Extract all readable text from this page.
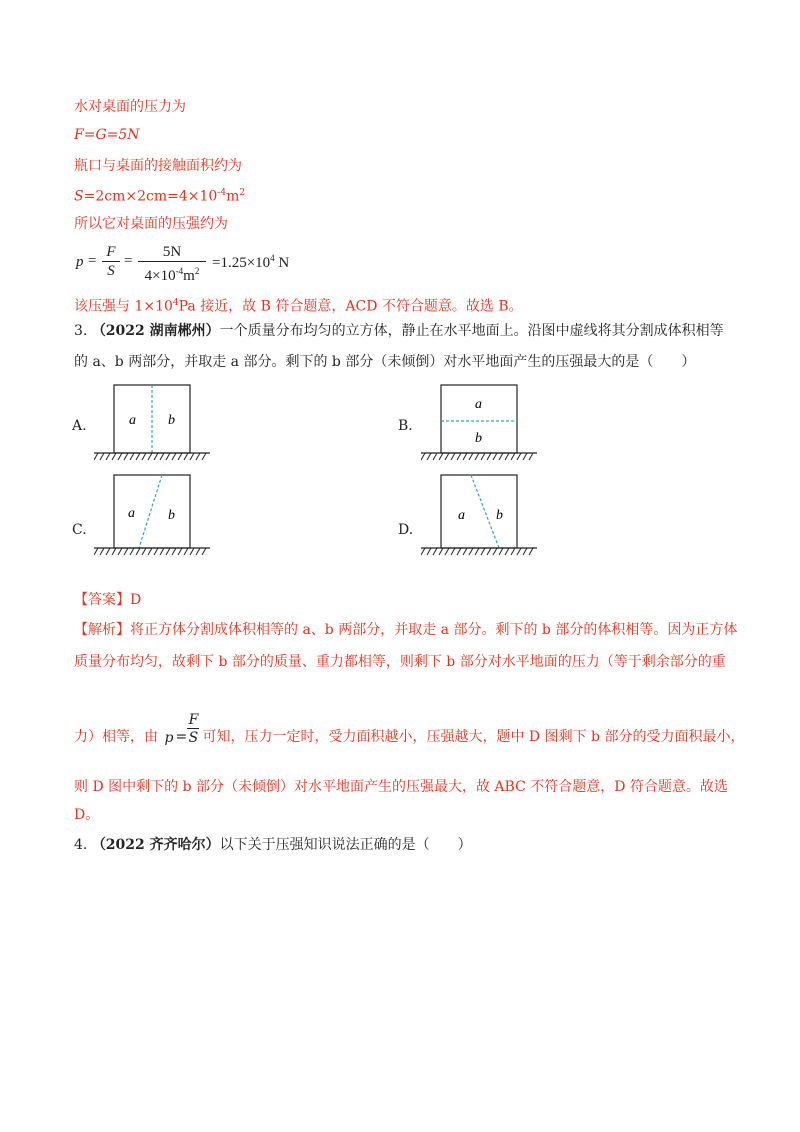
水对桌面的压力为
F=G=5N
瓶口与桌面的接触面积约为
$S=2cm\times 2cm=4\times 10^{-4}m^2$
所以它对桌面的压强约为
$p = \frac{F}{S} = \frac{5N}{4\times 10^{-4}m^2} =1.25\times 10^4$ N
该压强与 $1\times 10^4Pa$ 接近，故 B 符合题意，ACD 不符合题意。故选 B。
3. （2022 湖南郴州）一个质量分布均匀的立方体，静止在水平地面上。沿图中虚线将其分割成体积相等
的 a、b 两部分，并取走 a 部分。剩下的 b 部分（未倾倒）对水平地面产生的压强最大的是（　　）
A.	a b	B.
a
b
C.
a b
D.
a b
【答案】D
【解析】将正方体分割成体积相等的 a、b 两部分，并取走 a 部分。剩下的 b 部分的体积相等。因为正方体
质量分布均匀，故剩下 b 部分的质量、重力都相等，则剩下 b 部分对水平地面的压力（等于剩余部分的重
力）相等，由 p =
F
S 可知，压力一定时，受力面积越小，压强越大，题中 D 图剩下 b 部分的受力面积最小，
则 D 图中剩下的 b 部分（未倾倒）对水平地面产生的压强最大，故 ABC 不符合题意，D 符合题意。故选
D。
4. （2022 齐齐哈尔）以下关于压强知识说法正确的是（　　）
